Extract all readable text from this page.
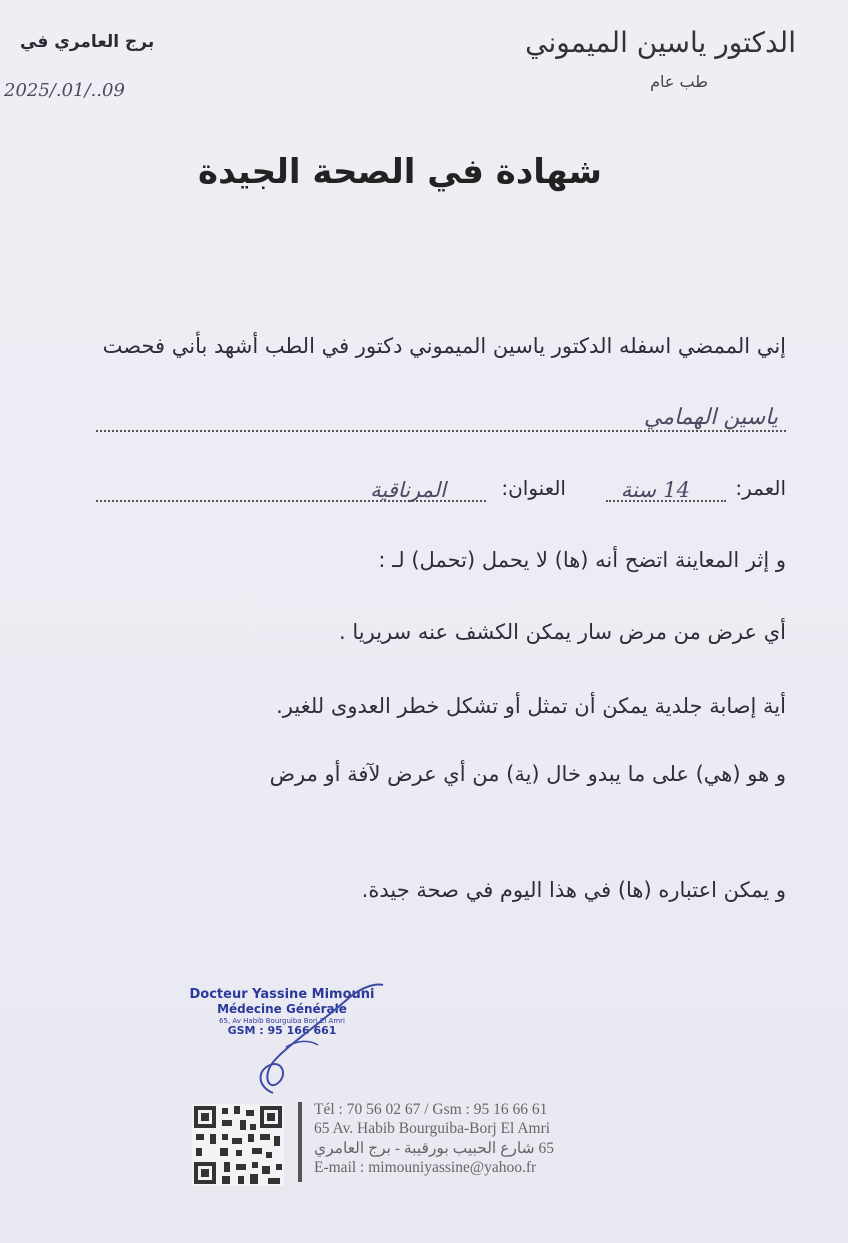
الدكتور ياسين الميموني
طب عام
برج العامري في
2025/.01/..09
شهادة في الصحة الجيدة
إني الممضي اسفله الدكتور ياسين الميموني دكتور في الطب أشهد بأني فحصت
ياسين الهمامي
العمر:
14
سنة
العنوان:
المرناقية
و إثر المعاينة اتضح أنه (ها) لا يحمل (تحمل) لـ :
أي عرض من مرض سار يمكن الكشف عنه سريريا .
أية إصابة جلدية يمكن أن تمثل أو تشكل خطر العدوى للغير.
و هو (هي) على ما يبدو خال (ية) من أي عرض لآفة أو مرض
و يمكن اعتباره (ها) في هذا اليوم في صحة جيدة.
Docteur Yassine Mimouni
Médecine Générale
65, Av Habib Bourguiba Borj El Amri
GSM : 95 166 661
Tél : 70 56 02 67 / Gsm : 95 16 66 61
65 Av. Habib Bourguiba-Borj El Amri
65 شارع الحبيب بورقيبة - برج العامري
E-mail : mimouniyassine@yahoo.fr
